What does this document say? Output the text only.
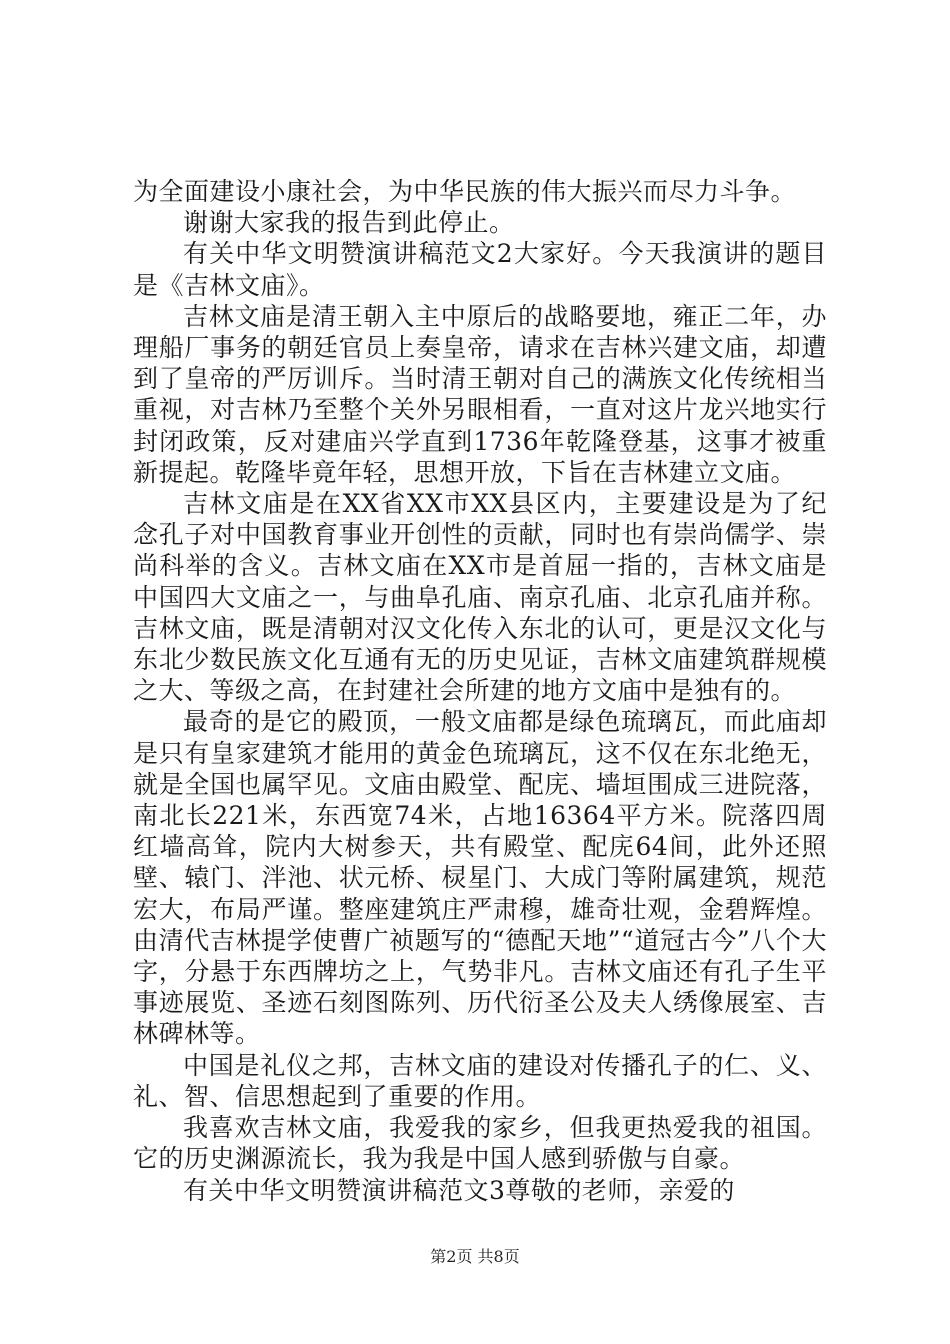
为全面建设小康社会，为中华民族的伟大振兴而尽力斗争。

谢谢大家我的报告到此停止。

有关中华文明赞演讲稿范文2大家好。今天我演讲的题目是《吉林文庙》。

吉林文庙是清王朝入主中原后的战略要地，雍正二年，办理船厂事务的朝廷官员上奏皇帝，请求在吉林兴建文庙，却遭到了皇帝的严厉训斥。当时清王朝对自己的满族文化传统相当重视，对吉林乃至整个关外另眼相看，一直对这片龙兴地实行封闭政策，反对建庙兴学直到1736年乾隆登基，这事才被重新提起。乾隆毕竟年轻，思想开放，下旨在吉林建立文庙。

吉林文庙是在XX省XX市XX县区内，主要建设是为了纪念孔子对中国教育事业开创性的贡献，同时也有崇尚儒学、崇尚科举的含义。吉林文庙在XX市是首屈一指的，吉林文庙是中国四大文庙之一，与曲阜孔庙、南京孔庙、北京孔庙并称。吉林文庙，既是清朝对汉文化传入东北的认可，更是汉文化与东北少数民族文化互通有无的历史见证，吉林文庙建筑群规模之大、等级之高，在封建社会所建的地方文庙中是独有的。

最奇的是它的殿顶，一般文庙都是绿色琉璃瓦，而此庙却是只有皇家建筑才能用的黄金色琉璃瓦，这不仅在东北绝无，就是全国也属罕见。文庙由殿堂、配庑、墙垣围成三进院落，南北长221米，东西宽74米，占地16364平方米。院落四周红墙高耸，院内大树参天，共有殿堂、配庑64间，此外还照壁、辕门、泮池、状元桥、棂星门、大成门等附属建筑，规范宏大，布局严谨。整座建筑庄严肃穆，雄奇壮观，金碧辉煌。由清代吉林提学使曹广祯题写的“德配天地”“道冠古今”八个大字，分悬于东西牌坊之上，气势非凡。吉林文庙还有孔子生平事迹展览、圣迹石刻图陈列、历代衍圣公及夫人绣像展室、吉林碑林等。

中国是礼仪之邦，吉林文庙的建设对传播孔子的仁、义、礼、智、信思想起到了重要的作用。

我喜欢吉林文庙，我爱我的家乡，但我更热爱我的祖国。它的历史渊源流长，我为我是中国人感到骄傲与自豪。

有关中华文明赞演讲稿范文3尊敬的老师，亲爱的

第2页 共8页
